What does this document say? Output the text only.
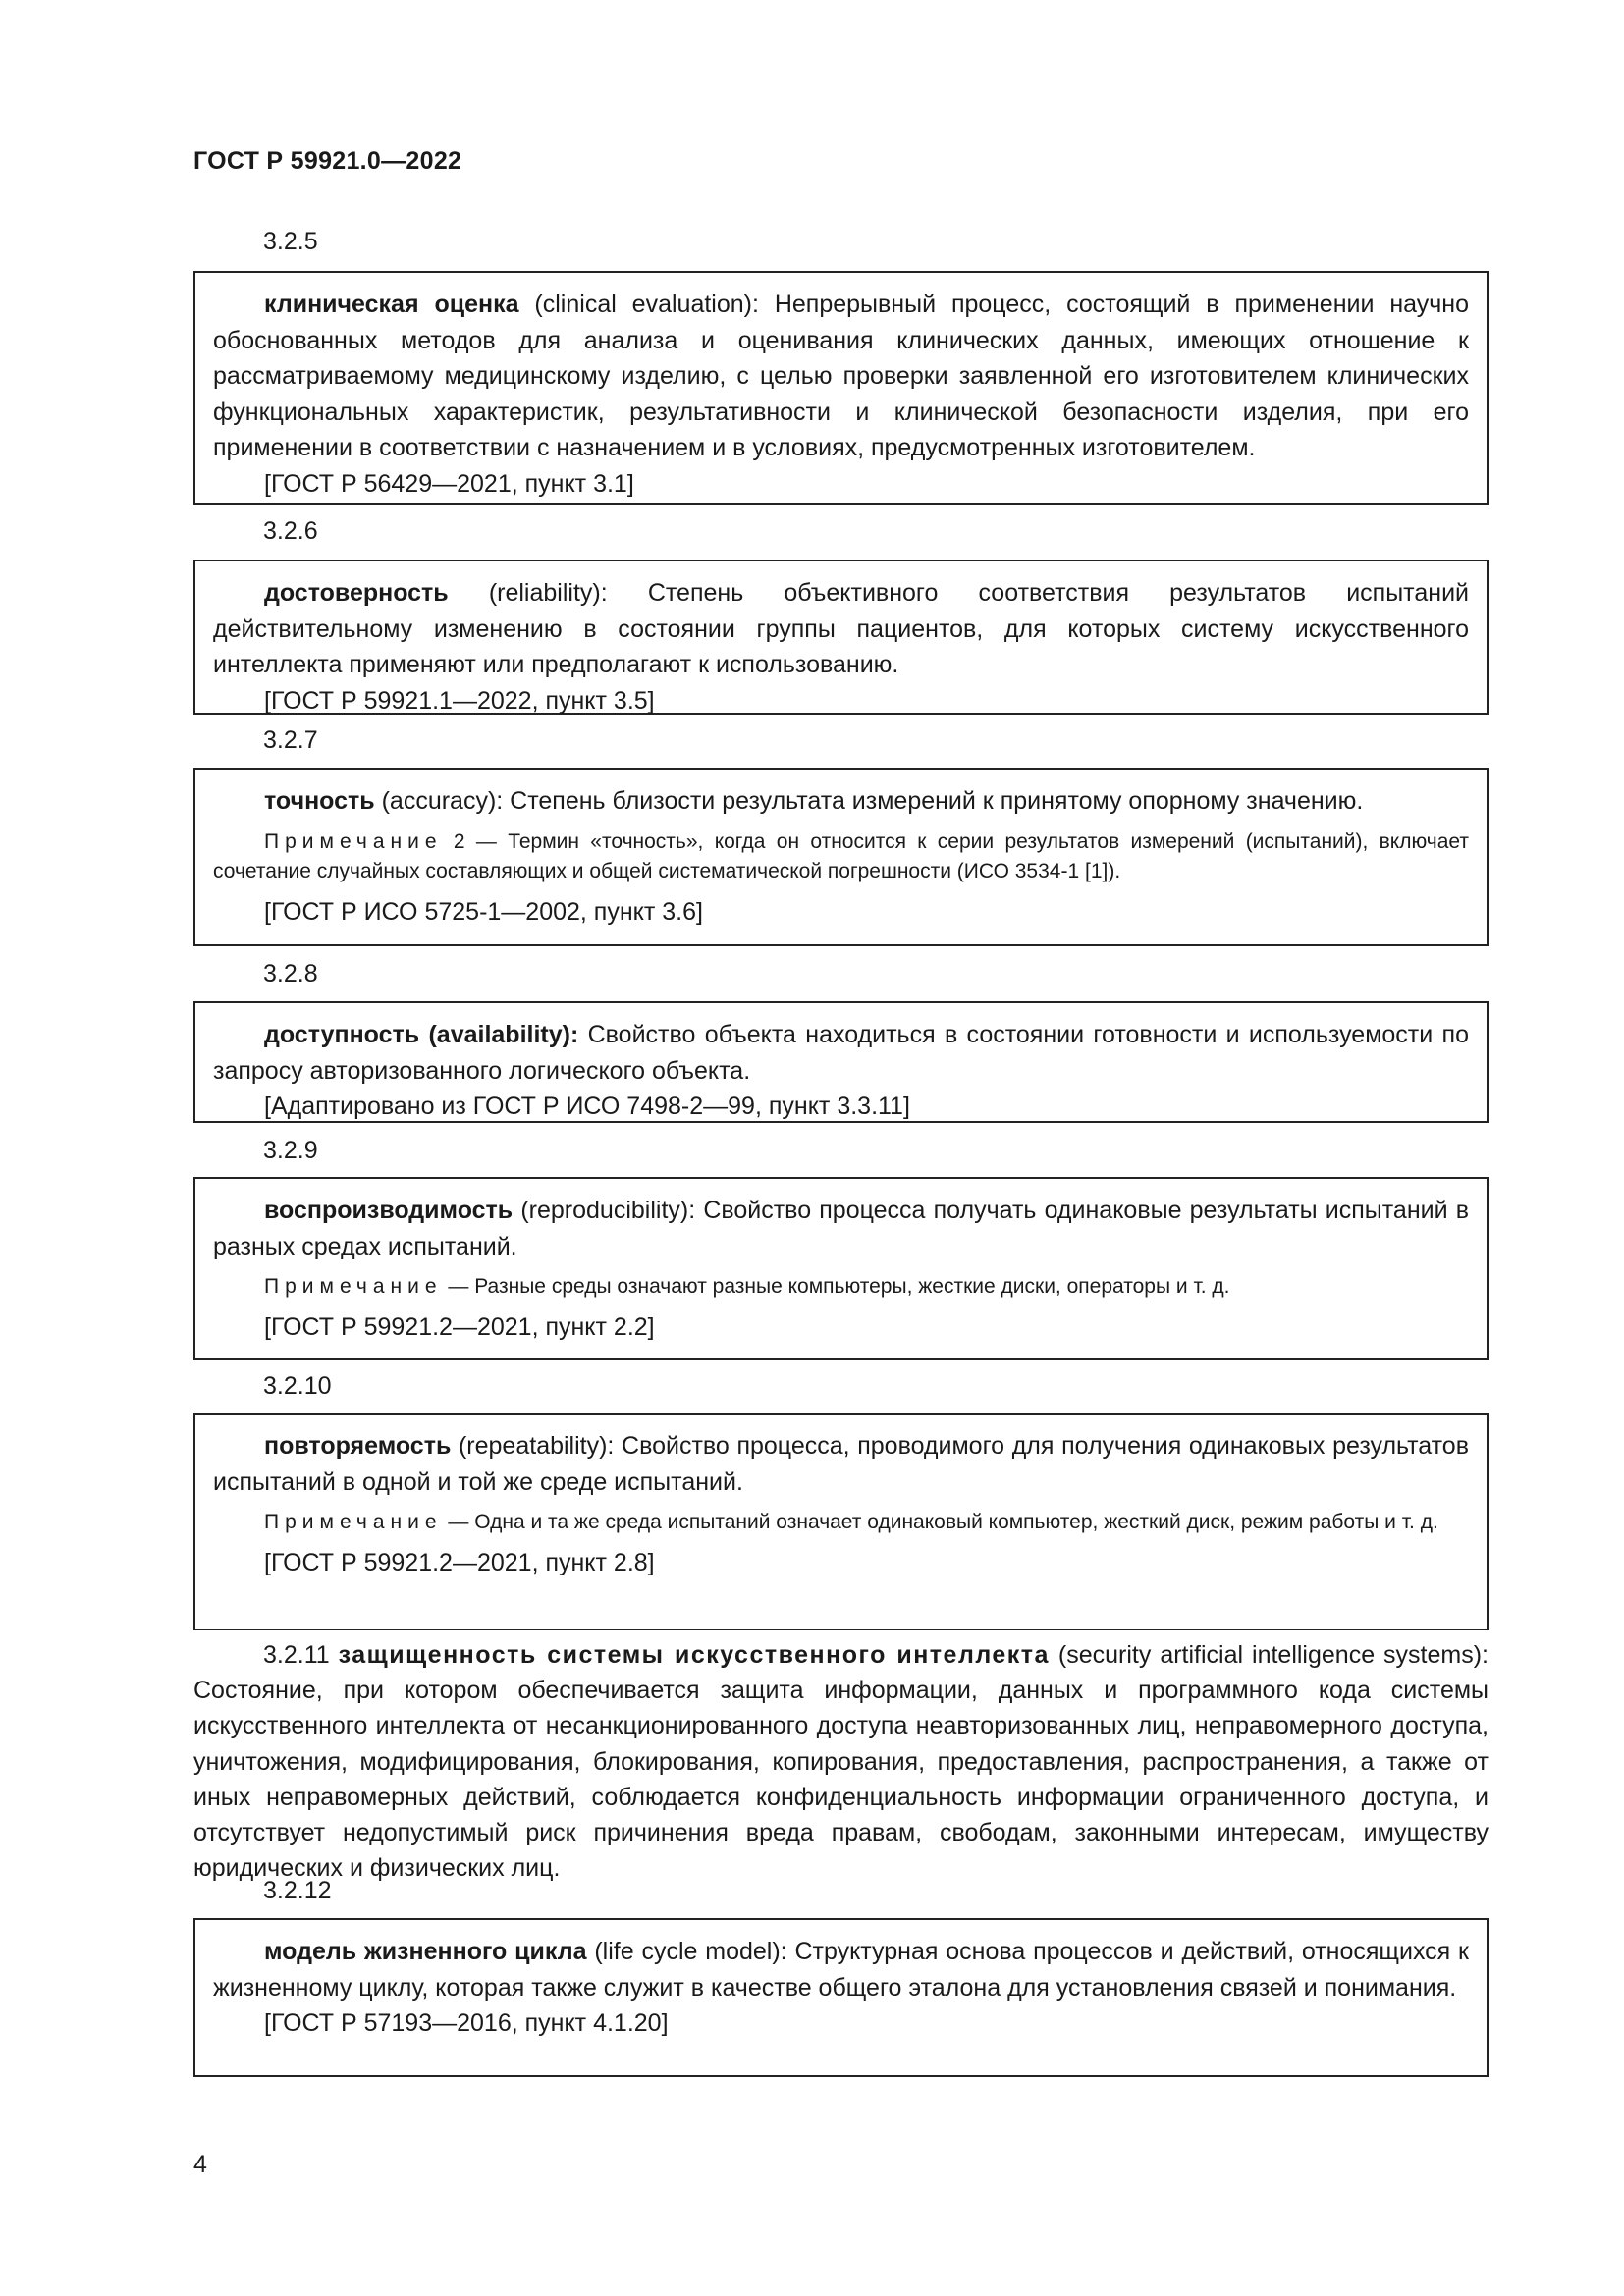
ГОСТ Р 59921.0—2022
3.2.5

клиническая оценка (clinical evaluation): Непрерывный процесс, состоящий в применении научно обоснованных методов для анализа и оценивания клинических данных, имеющих отношение к рассматриваемому медицинскому изделию, с целью проверки заявленной его изготовителем клинических функциональных характеристик, результативности и клинической безопасности изделия, при его применении в соответствии с назначением и в условиях, предусмотренных изготовителем.

[ГОСТ Р 56429—2021, пункт 3.1]

3.2.6

достоверность (reliability): Степень объективного соответствия результатов испытаний действительному изменению в состоянии группы пациентов, для которых систему искусственного интеллекта применяют или предполагают к использованию.

[ГОСТ Р 59921.1—2022, пункт 3.5]

3.2.7

точность (accuracy): Степень близости результата измерений к принятому опорному значению.

Примечание 2 — Термин «точность», когда он относится к серии результатов измерений (испытаний), включает сочетание случайных составляющих и общей систематической погрешности (ИСО 3534-1 [1]).

[ГОСТ Р ИСО 5725-1—2002, пункт 3.6]

3.2.8

доступность (availability): Свойство объекта находиться в состоянии готовности и используемости по запросу авторизованного логического объекта.

[Адаптировано из ГОСТ Р ИСО 7498-2—99, пункт 3.3.11]

3.2.9

воспроизводимость (reproducibility): Свойство процесса получать одинаковые результаты испытаний в разных средах испытаний.

Примечание — Разные среды означают разные компьютеры, жесткие диски, операторы и т. д.

[ГОСТ Р 59921.2—2021, пункт 2.2]

3.2.10

повторяемость (repeatability): Свойство процесса, проводимого для получения одинаковых результатов испытаний в одной и той же среде испытаний.

Примечание — Одна и та же среда испытаний означает одинаковый компьютер, жесткий диск, режим работы и т. д.

[ГОСТ Р 59921.2—2021, пункт 2.8]

3.2.11 защищенность системы искусственного интеллекта (security artificial intelligence systems): Состояние, при котором обеспечивается защита информации, данных и программного кода системы искусственного интеллекта от несанкционированного доступа неавторизованных лиц, неправомерного доступа, уничтожения, модифицирования, блокирования, копирования, предоставления, распространения, а также от иных неправомерных действий, соблюдается конфиденциальность информации ограниченного доступа, и отсутствует недопустимый риск причинения вреда правам, свободам, законными интересам, имуществу юридических и физических лиц.

3.2.12

модель жизненного цикла (life cycle model): Структурная основа процессов и действий, относящихся к жизненному циклу, которая также служит в качестве общего эталона для установления связей и понимания.

[ГОСТ Р 57193—2016, пункт 4.1.20]

4
